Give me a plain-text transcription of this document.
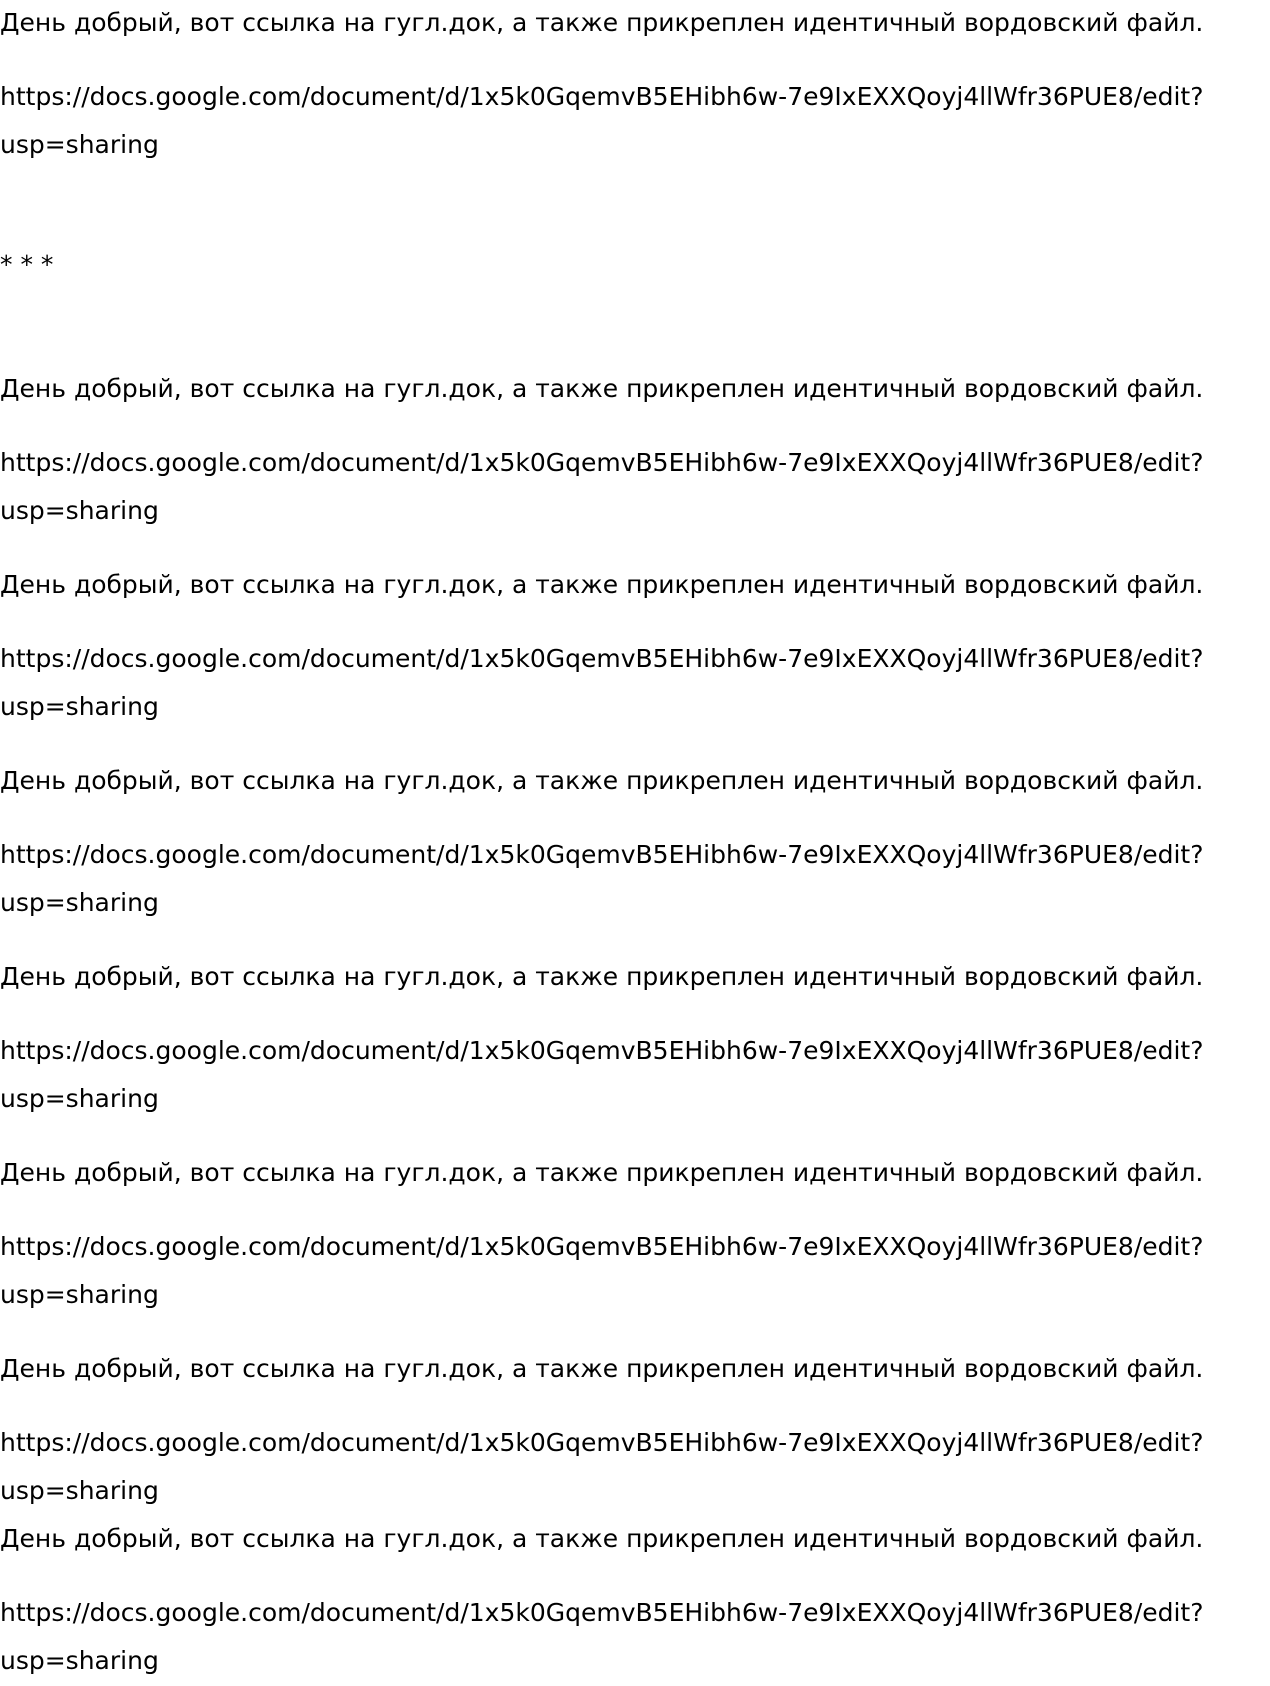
День добрый, вот ссылка на гугл.док, а также прикреплен идентичный вордовский файл.

https://docs.google.com/document/d/1x5k0GqemvB5EHibh6w-7e9IxEXXQoyj4llWfr36PUE8/edit?

usp=sharing

* * *

День добрый, вот ссылка на гугл.док, а также прикреплен идентичный вордовский файл.

https://docs.google.com/document/d/1x5k0GqemvB5EHibh6w-7e9IxEXXQoyj4llWfr36PUE8/edit?

usp=sharing

День добрый, вот ссылка на гугл.док, а также прикреплен идентичный вордовский файл.

https://docs.google.com/document/d/1x5k0GqemvB5EHibh6w-7e9IxEXXQoyj4llWfr36PUE8/edit?

usp=sharing

День добрый, вот ссылка на гугл.док, а также прикреплен идентичный вордовский файл.

https://docs.google.com/document/d/1x5k0GqemvB5EHibh6w-7e9IxEXXQoyj4llWfr36PUE8/edit?

usp=sharing

День добрый, вот ссылка на гугл.док, а также прикреплен идентичный вордовский файл.

https://docs.google.com/document/d/1x5k0GqemvB5EHibh6w-7e9IxEXXQoyj4llWfr36PUE8/edit?

usp=sharing

День добрый, вот ссылка на гугл.док, а также прикреплен идентичный вордовский файл.

https://docs.google.com/document/d/1x5k0GqemvB5EHibh6w-7e9IxEXXQoyj4llWfr36PUE8/edit?

usp=sharing

День добрый, вот ссылка на гугл.док, а также прикреплен идентичный вордовский файл.

https://docs.google.com/document/d/1x5k0GqemvB5EHibh6w-7e9IxEXXQoyj4llWfr36PUE8/edit?

usp=sharing

День добрый, вот ссылка на гугл.док, а также прикреплен идентичный вордовский файл.

https://docs.google.com/document/d/1x5k0GqemvB5EHibh6w-7e9IxEXXQoyj4llWfr36PUE8/edit?

usp=sharing
